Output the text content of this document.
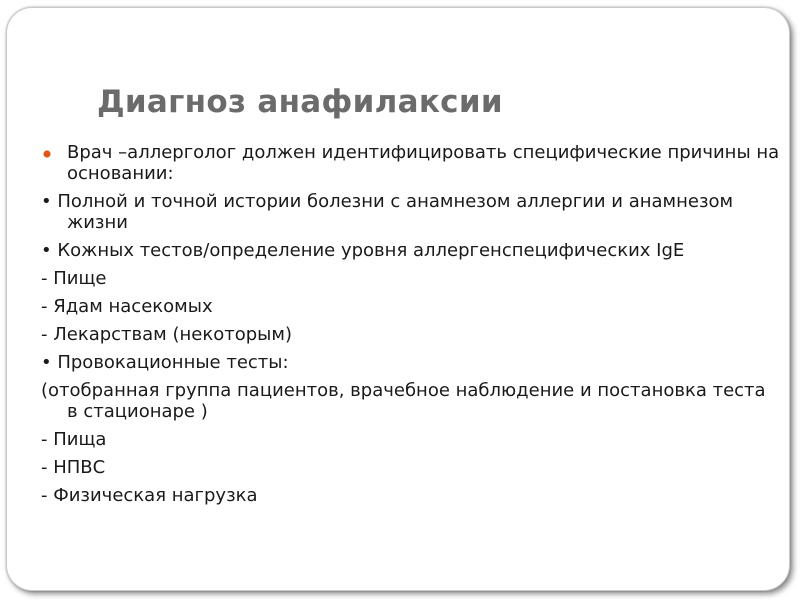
Диагноз анафилаксии

Врач –аллерголог должен идентифицировать специфические причины на основании:

• Полной и точной истории болезни с анамнезом аллергии и анамнезом жизни

• Кожных тестов/определение уровня аллергенспецифических IgE

- Пище

- Ядам насекомых

- Лекарствам (некоторым)

• Провокационные тесты:

(отобранная группа пациентов, врачебное наблюдение и постановка теста в стационаре )

- Пища

- НПВС

- Физическая нагрузка
